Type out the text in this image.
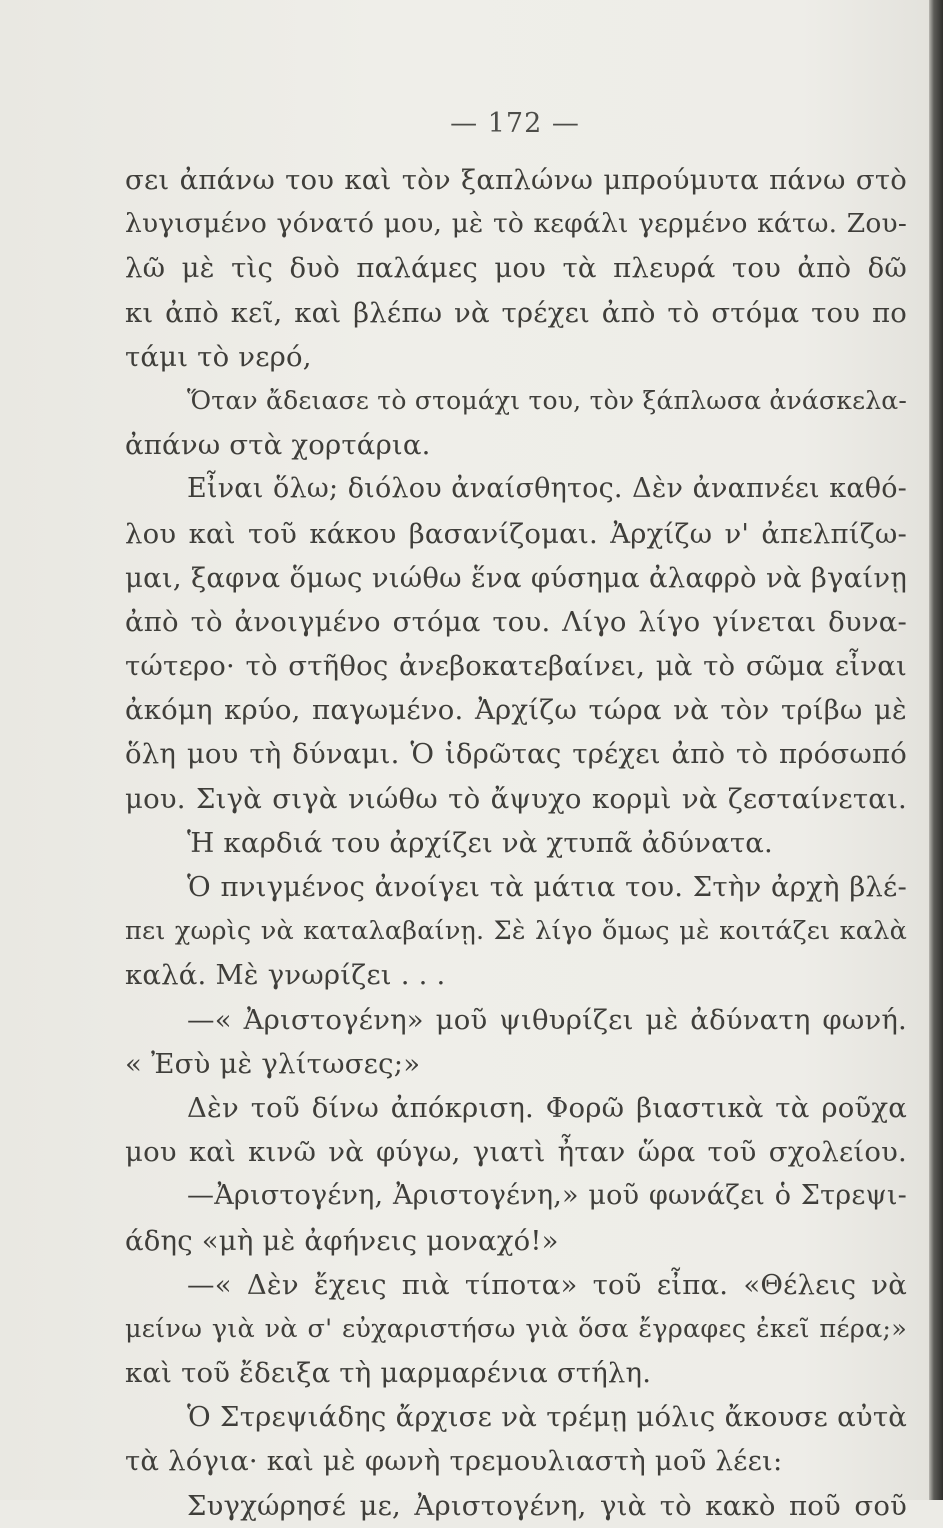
— 172 —
σει ἀπάνω του καὶ τὸν ξαπλώνω μπρούμυτα πάνω στὸ
λυγισμένο γόνατό μου, μὲ τὸ κεφάλι γερμένο κάτω. Ζου-
λῶ μὲ τὶς δυὸ παλάμες μου τὰ πλευρά του ἀπὸ δῶ
κι ἀπὸ κεῖ, καὶ βλέπω νὰ τρέχει ἀπὸ τὸ στόμα του πο
τάμι τὸ νερό,
Ὅταν ἄδειασε τὸ στομάχι του, τὸν ξάπλωσα ἀνάσκελα-
ἀπάνω στὰ χορτάρια.
Εἶναι ὅλω; διόλου ἀναίσθητος. Δὲν ἀναπνέει καθό-
λου καὶ τοῦ κάκου βασανίζομαι. Ἀρχίζω ν' ἀπελπίζω-
μαι, ξαφνα ὅμως νιώθω ἕνα φύσημα ἀλαφρὸ νὰ βγαίνῃ
ἀπὸ τὸ ἀνοιγμένο στόμα του. Λίγο λίγο γίνεται δυνα-
τώτερο· τὸ στῆθος ἀνεβοκατεβαίνει, μὰ τὸ σῶμα εἶναι
ἀκόμη κρύο, παγωμένο. Ἀρχίζω τώρα νὰ τὸν τρίβω μὲ
ὅλη μου τὴ δύναμι. Ὁ ἱδρῶτας τρέχει ἀπὸ τὸ πρόσωπό
μου. Σιγὰ σιγὰ νιώθω τὸ ἄψυχο κορμὶ νὰ ζεσταίνεται.
Ἡ καρδιά του ἀρχίζει νὰ χτυπᾶ ἀδύνατα.
Ὁ πνιγμένος ἀνοίγει τὰ μάτια του. Στὴν ἀρχὴ βλέ-
πει χωρὶς νὰ καταλαβαίνῃ. Σὲ λίγο ὅμως μὲ κοιτάζει καλὰ
καλά. Μὲ γνωρίζει . . .
—« Ἀριστογένη» μοῦ ψιθυρίζει μὲ ἀδύνατη φωνή.
« Ἐσὺ μὲ γλίτωσες;»
Δὲν τοῦ δίνω ἀπόκριση. Φορῶ βιαστικὰ τὰ ροῦχα
μου καὶ κινῶ νὰ φύγω, γιατὶ ἦταν ὥρα τοῦ σχολείου.
—Ἀριστογένη, Ἀριστογένη,» μοῦ φωνάζει ὁ Στρεψι-
άδης «μὴ μὲ ἀφήνεις μοναχό!»
—« Δὲν ἔχεις πιὰ τίποτα» τοῦ εἶπα. «Θέλεις νὰ
μείνω γιὰ νὰ σ' εὐχαριστήσω γιὰ ὅσα ἔγραφες ἐκεῖ πέρα;»
καὶ τοῦ ἔδειξα τὴ μαρμαρένια στήλη.
Ὁ Στρεψιάδης ἄρχισε νὰ τρέμῃ μόλις ἄκουσε αὐτὰ
τὰ λόγια· καὶ μὲ φωνὴ τρεμουλιαστὴ μοῦ λέει:
Συγχώρησέ με, Ἀριστογένη, γιὰ τὸ κακὸ ποῦ σοῦ
